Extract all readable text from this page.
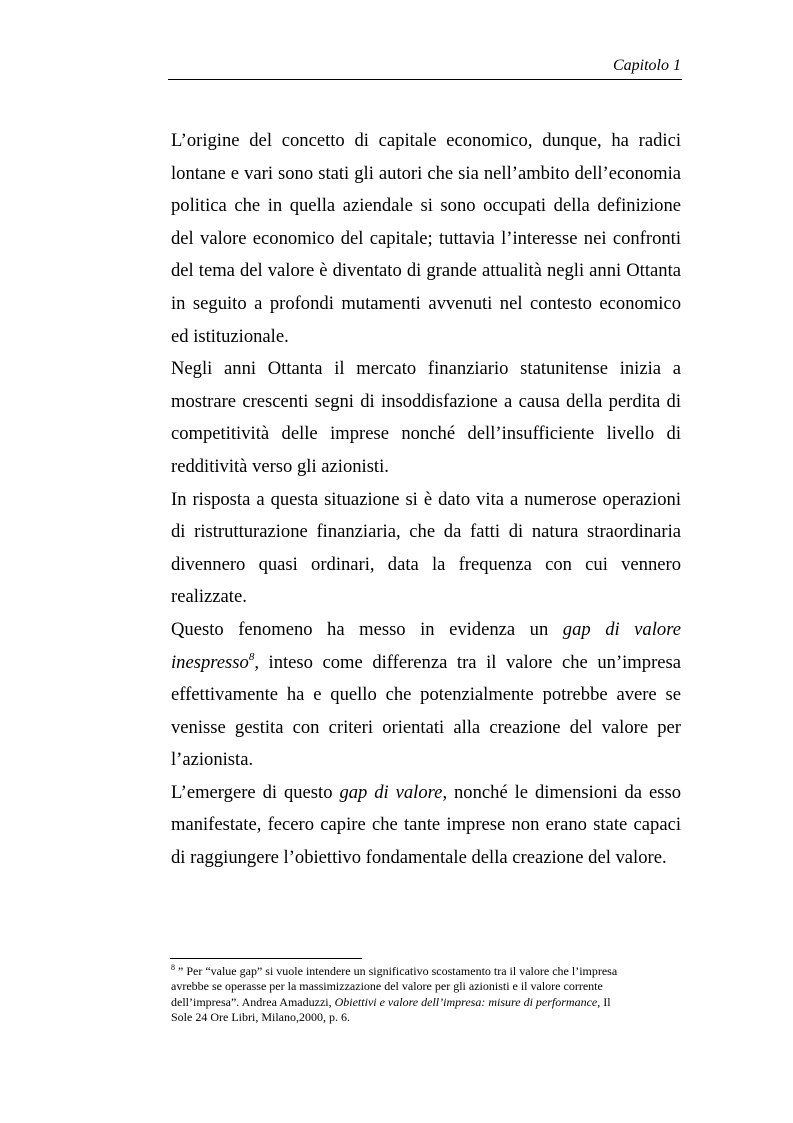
Capitolo 1
L’origine del concetto di capitale economico, dunque, ha radici
lontane e vari sono stati gli autori che sia nell’ambito dell’economia
politica che in quella aziendale si sono occupati della definizione
del valore economico del capitale; tuttavia l’interesse nei confronti
del tema del valore è diventato di grande attualità negli anni Ottanta
in seguito a profondi mutamenti avvenuti nel contesto economico
ed istituzionale.
Negli anni Ottanta il mercato finanziario statunitense inizia a
mostrare crescenti segni di insoddisfazione a causa della perdita di
competitività delle imprese nonché dell’insufficiente livello di
redditività verso gli azionisti.
In risposta a questa situazione si è dato vita a numerose operazioni
di ristrutturazione finanziaria, che da fatti di natura straordinaria
divennero quasi ordinari, data la frequenza con cui vennero
realizzate.
Questo fenomeno ha messo in evidenza un gap di valore
inespresso$^8$, inteso come differenza tra il valore che un’impresa
effettivamente ha e quello che potenzialmente potrebbe avere se
venisse gestita con criteri orientati alla creazione del valore per
l’azionista.
L’emergere di questo gap di valore, nonché le dimensioni da esso
manifestate, fecero capire che tante imprese non erano state capaci
di raggiungere l’obiettivo fondamentale della creazione del valore.
$^8$ ” Per “value gap” si vuole intendere un significativo scostamento tra il valore che l’impresa
avrebbe se operasse per la massimizzazione del valore per gli azionisti e il valore corrente
dell’impresa”. Andrea Amaduzzi, Obiettivi e valore dell’impresa: misure di performance, Il
Sole 24 Ore Libri, Milano,2000, p. 6.
